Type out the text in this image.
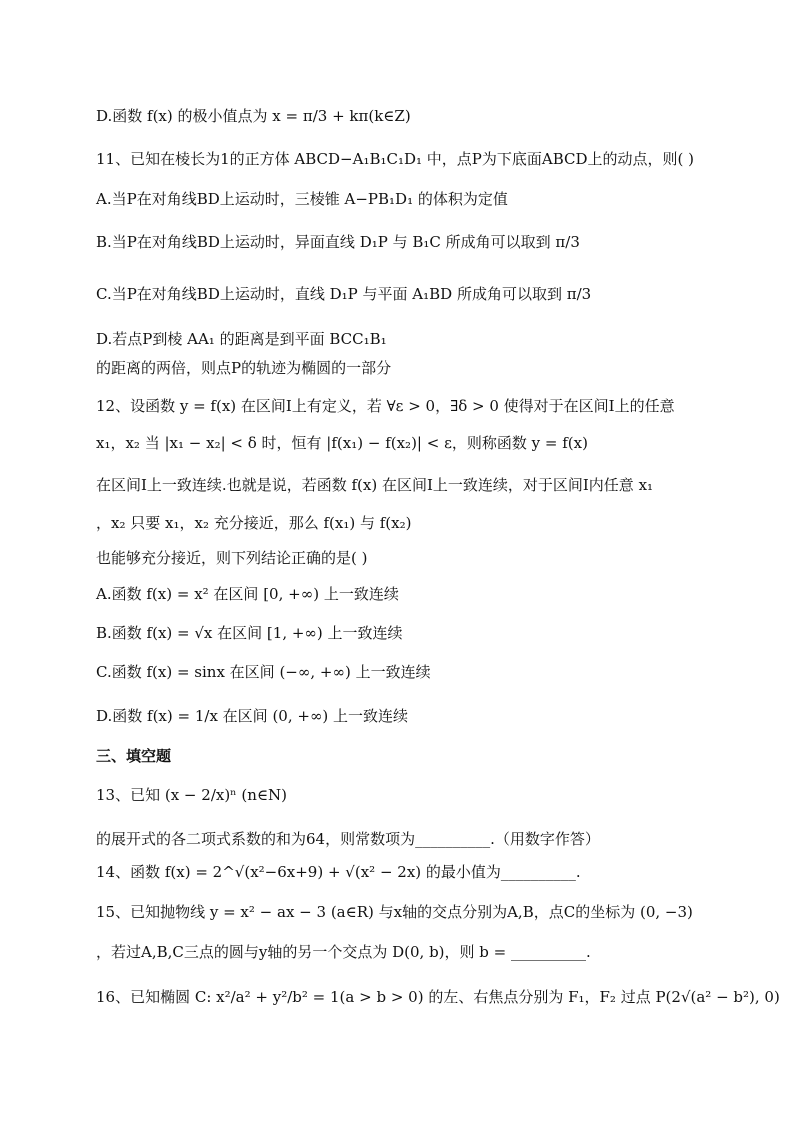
D.函数 f(x) 的极小值点为 x = π/3 + kπ(k∈Z)
11、已知在棱长为1的正方体 ABCD−A₁B₁C₁D₁ 中，点P为下底面ABCD上的动点，则( )
A.当P在对角线BD上运动时，三棱锥 A−PB₁D₁ 的体积为定值
B.当P在对角线BD上运动时，异面直线 D₁P 与 B₁C 所成角可以取到 π/3
C.当P在对角线BD上运动时，直线 D₁P 与平面 A₁BD 所成角可以取到 π/3
D.若点P到棱 AA₁ 的距离是到平面 BCC₁B₁
的距离的两倍，则点P的轨迹为椭圆的一部分
12、设函数 y = f(x) 在区间I上有定义，若 ∀ε > 0，∃δ > 0 使得对于在区间I上的任意
x₁，x₂ 当 |x₁ − x₂| < δ 时，恒有 |f(x₁) − f(x₂)| < ε，则称函数 y = f(x)
在区间I上一致连续.也就是说，若函数 f(x) 在区间I上一致连续，对于区间I内任意 x₁
，x₂ 只要 x₁，x₂ 充分接近，那么 f(x₁) 与 f(x₂)
也能够充分接近，则下列结论正确的是( )
A.函数 f(x) = x² 在区间 [0, +∞) 上一致连续
B.函数 f(x) = √x 在区间 [1, +∞) 上一致连续
C.函数 f(x) = sinx 在区间 (−∞, +∞) 上一致连续
D.函数 f(x) = 1/x 在区间 (0, +∞) 上一致连续
三、填空题
13、已知 (x − 2/x)ⁿ (n∈N)
的展开式的各二项式系数的和为64，则常数项为__________.（用数字作答）
14、函数 f(x) = 2^√(x²−6x+9) + √(x² − 2x) 的最小值为__________.
15、已知抛物线 y = x² − ax − 3 (a∈R) 与x轴的交点分别为A,B，点C的坐标为 (0, −3)
，若过A,B,C三点的圆与y轴的另一个交点为 D(0, b)，则 b = __________.
16、已知椭圆 C: x²/a² + y²/b² = 1(a > b > 0) 的左、右焦点分别为 F₁，F₂ 过点 P(2√(a² − b²), 0)
